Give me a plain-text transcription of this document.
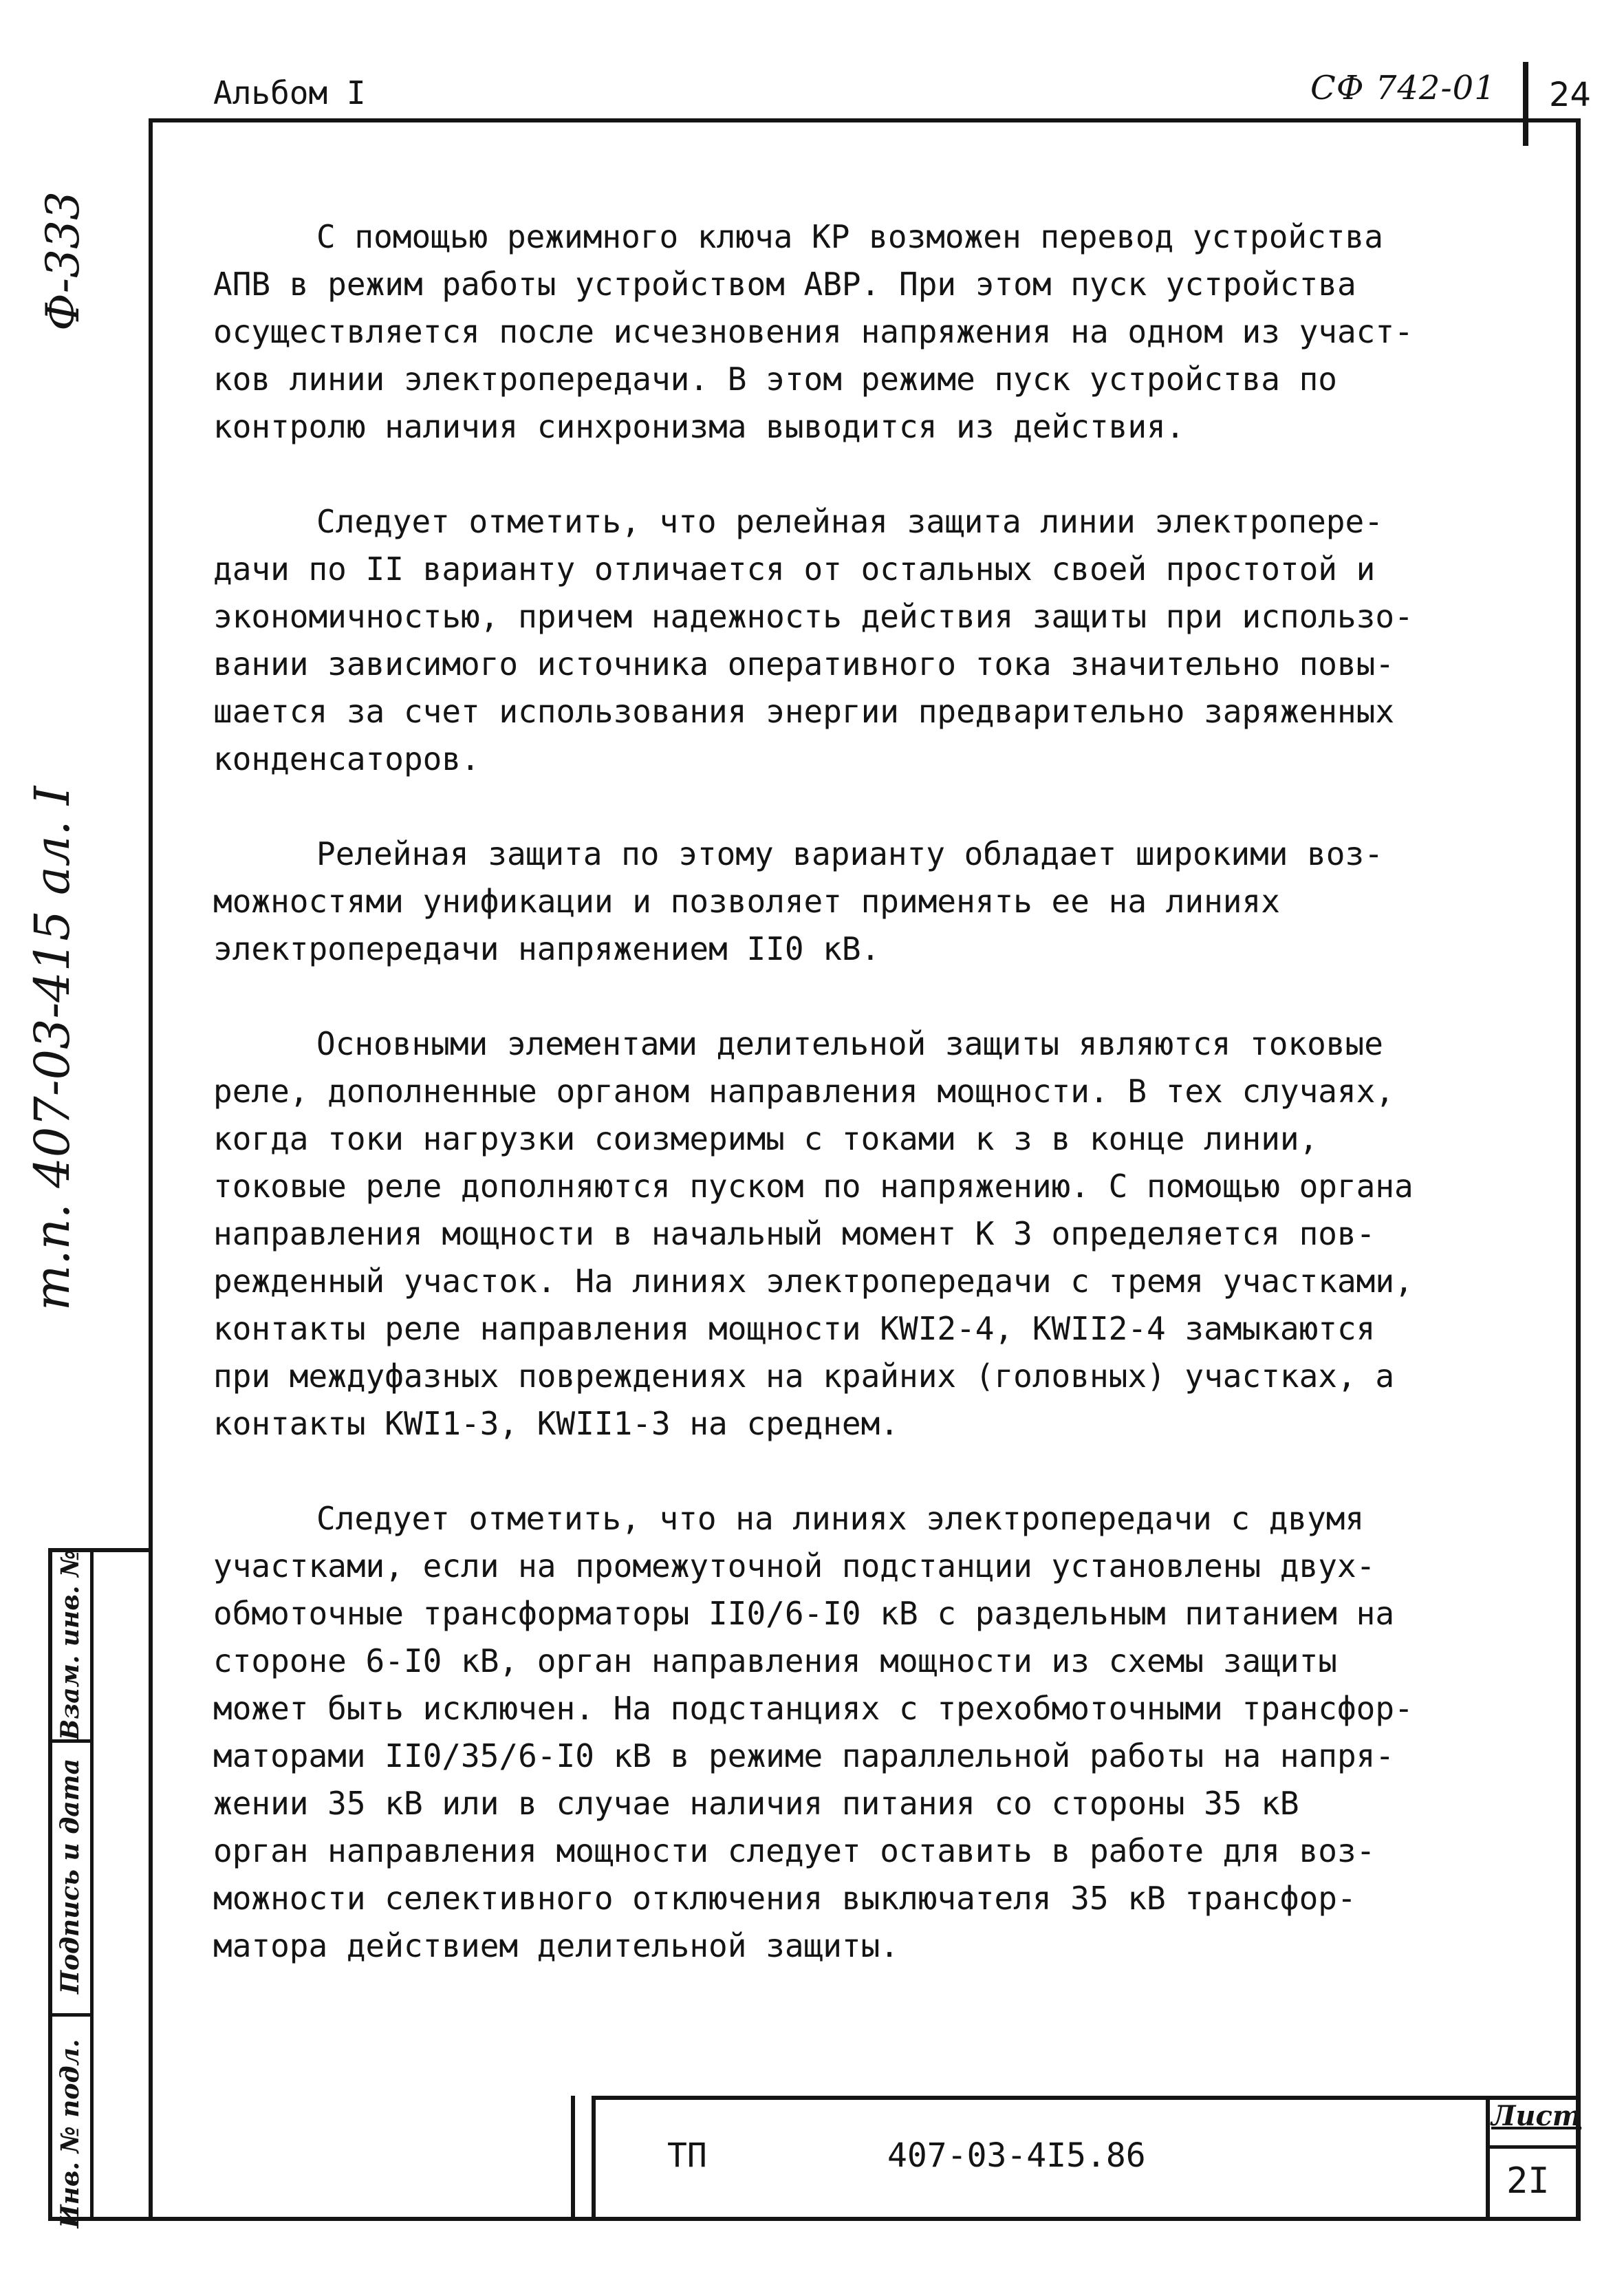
Альбом I	СФ 742-01 24
Ф-333
т.п. 407-03-415 ал. I
Инв. № подл.
Подпись и дата
Взам. инв. №

С помощью режимного ключа КР возможен перевод устройства
АПВ в режим работы устройством АВР. При этом пуск устройства
осуществляется после исчезновения напряжения на одном из участ-
ков линии электропередачи. В этом режиме пуск устройства по
контролю наличия синхронизма выводится из действия.

Следует отметить, что релейная защита линии электропере-
дачи по II варианту отличается от остальных своей простотой и
экономичностью, причем надежность действия защиты при использо-
вании зависимого источника оперативного тока значительно повы-
шается за счет использования энергии предварительно заряженных
конденсаторов.

Релейная защита по этому варианту обладает широкими воз-
можностями унификации и позволяет применять ее на линиях
электропередачи напряжением II0 кВ.

Основными элементами делительной защиты являются токовые
реле, дополненные органом направления мощности. В тех случаях,
когда токи нагрузки соизмеримы с токами к з в конце линии,
токовые реле дополняются пуском по напряжению. С помощью органа
направления мощности в начальный момент К З определяется пов-
режденный участок. На линиях электропередачи с тремя участками,
контакты реле направления мощности KWI2-4, KWII2-4 замыкаются
при междуфазных повреждениях на крайних (головных) участках, а
контакты KWI1-3, KWII1-3 на среднем.

Следует отметить, что на линиях электропередачи с двумя
участками, если на промежуточной подстанции установлены двух-
обмоточные трансформаторы II0/6-I0 кВ с раздельным питанием на
стороне 6-I0 кВ, орган направления мощности из схемы защиты
может быть исключен. На подстанциях с трехобмоточными трансфор-
маторами II0/35/6-I0 кВ в режиме параллельной работы на напря-
жении 35 кВ или в случае наличия питания со стороны 35 кВ
орган направления мощности следует оставить в работе для воз-
можности селективного отключения выключателя 35 кВ трансфор-
матора действием делительной защиты.

ТП	407-03-4I5.86
Лист
2I
